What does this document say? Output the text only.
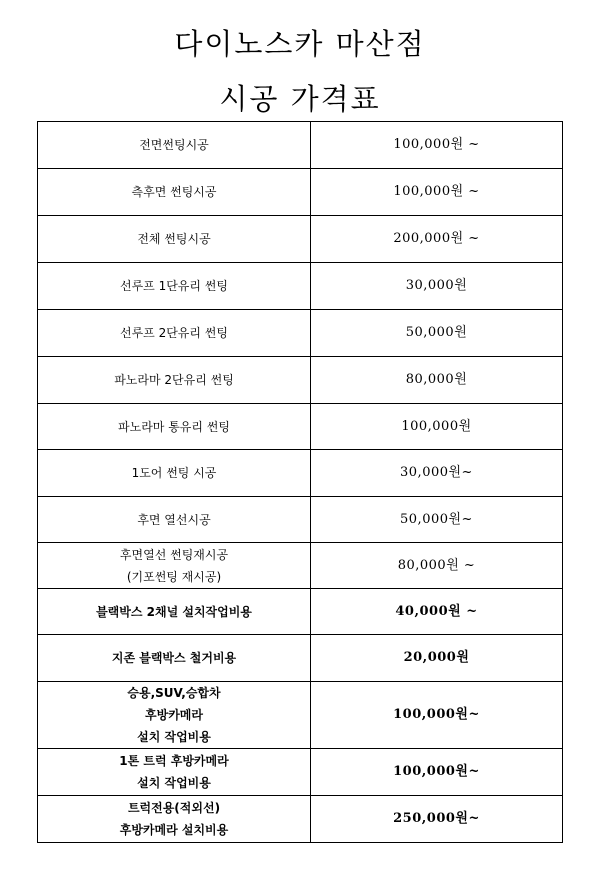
다이노스카 마산점
시공 가격표
전면썬팅시공	100,000원 ~

측후면 썬팅시공	100,000원 ~

전체 썬팅시공	200,000원 ~

선루프 1단유리 썬팅	30,000원

선루프 2단유리 썬팅	50,000원

파노라마 2단유리 썬팅	80,000원

파노라마 통유리 썬팅	100,000원

1도어 썬팅 시공	30,000원~

후면 열선시공	50,000원~

후면열선 썬팅재시공
(기포썬팅 재시공)	80,000원 ~

블랙박스 2채널 설치작업비용	40,000원 ~

지존 블랙박스 철거비용	20,000원

승용,SUV,승합차
후방카메라
설치 작업비용	100,000원~

1톤 트럭 후방카메라
설치 작업비용	100,000원~

트럭전용(적외선)
후방카메라 설치비용	250,000원~
